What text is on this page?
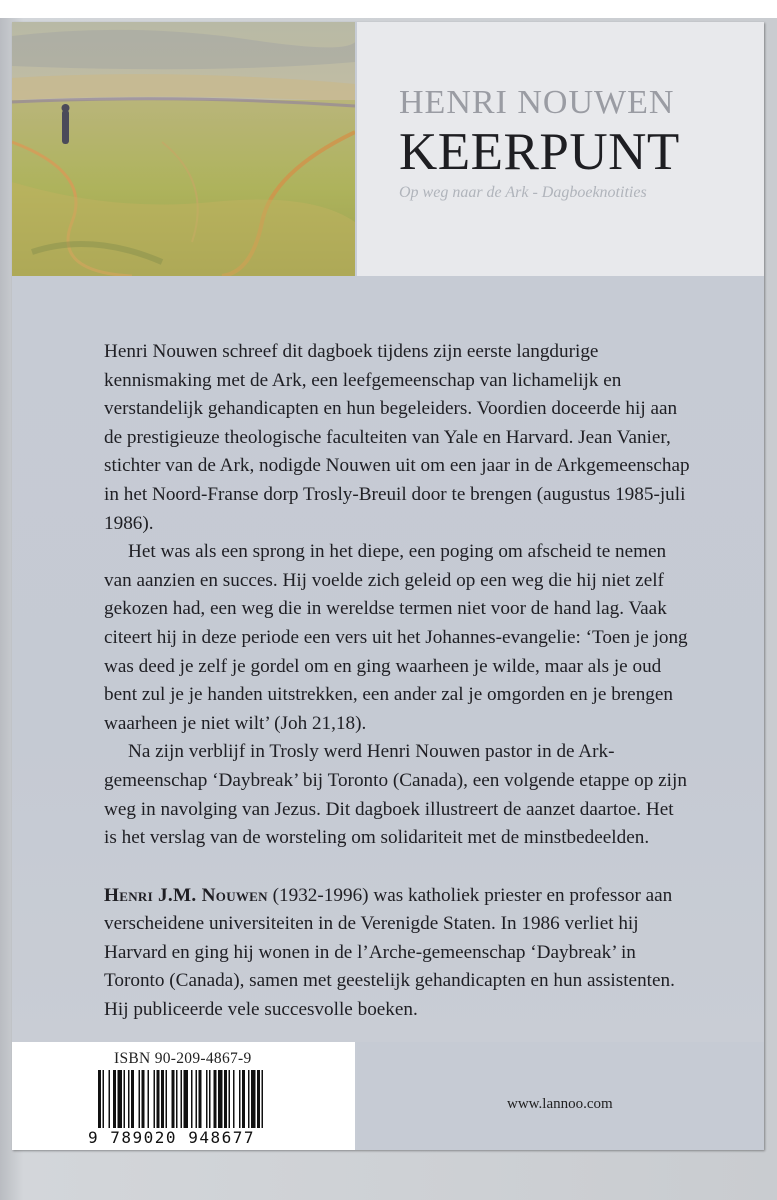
HENRI NOUWEN
KEERPUNT
Op weg naar de Ark - Dagboeknotities

Henri Nouwen schreef dit dagboek tijdens zijn eerste langdurige kennismaking met de Ark, een leefgemeenschap van lichamelijk en verstandelijk gehandicapten en hun begeleiders. Voordien doceerde hij aan de prestigieuze theologische faculteiten van Yale en Harvard. Jean Vanier, stichter van de Ark, nodigde Nouwen uit om een jaar in de Arkgemeenschap in het Noord-Franse dorp Trosly-Breuil door te brengen (augustus 1985-juli 1986).

Het was als een sprong in het diepe, een poging om afscheid te nemen van aanzien en succes. Hij voelde zich geleid op een weg die hij niet zelf gekozen had, een weg die in wereldse termen niet voor de hand lag. Vaak citeert hij in deze periode een vers uit het Johannes-evangelie: ‘Toen je jong was deed je zelf je gordel om en ging waarheen je wilde, maar als je oud bent zul je je handen uitstrekken, een ander zal je omgorden en je brengen waarheen je niet wilt’ (Joh 21,18).

Na zijn verblijf in Trosly werd Henri Nouwen pastor in de Ark-gemeenschap ‘Daybreak’ bij Toronto (Canada), een volgende etappe op zijn weg in navolging van Jezus. Dit dagboek illustreert de aanzet daartoe. Het is het verslag van de worsteling om solidariteit met de minstbedeelden.

Henri J.M. Nouwen (1932-1996) was katholiek priester en professor aan verscheidene universiteiten in de Verenigde Staten. In 1986 verliet hij Harvard en ging hij wonen in de l’Arche-gemeenschap ‘Daybreak’ in Toronto (Canada), samen met geestelijk gehandicapten en hun assistenten. Hij publiceerde vele succesvolle boeken.

ISBN 90-209-4867-9
9 789020 948677
www.lannoo.com
